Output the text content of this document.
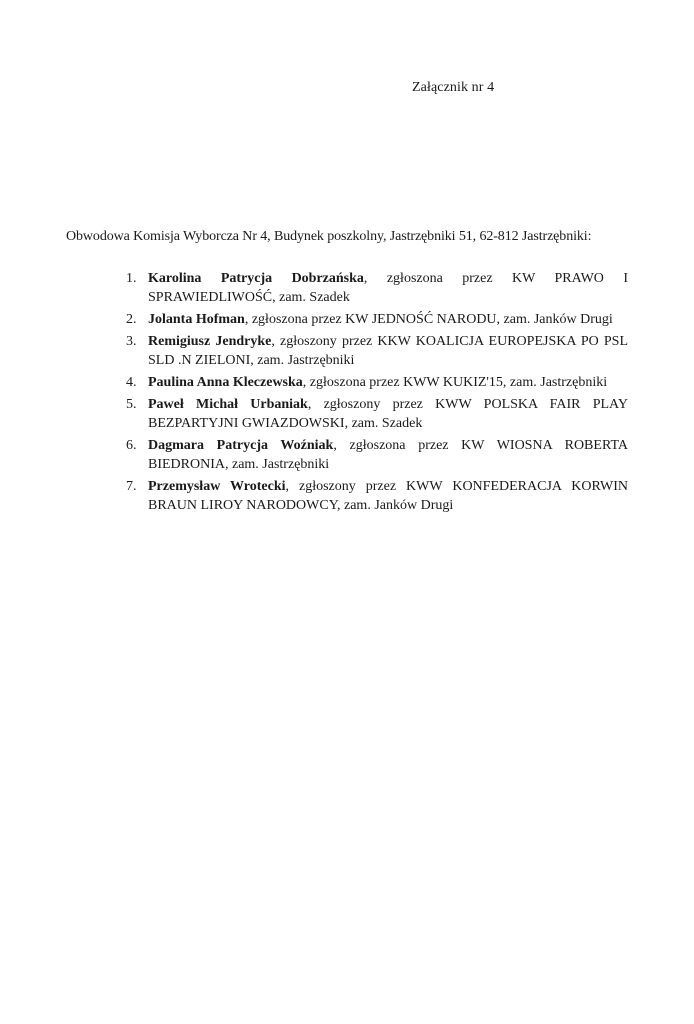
Załącznik nr 4
Obwodowa Komisja Wyborcza Nr 4, Budynek poszkolny, Jastrzębniki 51, 62-812 Jastrzębniki:
1. Karolina Patrycja Dobrzańska, zgłoszona przez KW PRAWO I SPRAWIEDLIWOŚĆ, zam. Szadek
2. Jolanta Hofman, zgłoszona przez KW JEDNOŚĆ NARODU, zam. Janków Drugi
3. Remigiusz Jendryke, zgłoszony przez KKW KOALICJA EUROPEJSKA PO PSL SLD .N ZIELONI, zam. Jastrzębniki
4. Paulina Anna Kleczewska, zgłoszona przez KWW KUKIZ'15, zam. Jastrzębniki
5. Paweł Michał Urbaniak, zgłoszony przez KWW POLSKA FAIR PLAY BEZPARTYJNI GWIAZDOWSKI, zam. Szadek
6. Dagmara Patrycja Woźniak, zgłoszona przez KW WIOSNA ROBERTA BIEDRONIA, zam. Jastrzębniki
7. Przemysław Wrotecki, zgłoszony przez KWW KONFEDERACJA KORWIN BRAUN LIROY NARODOWCY, zam. Janków Drugi
